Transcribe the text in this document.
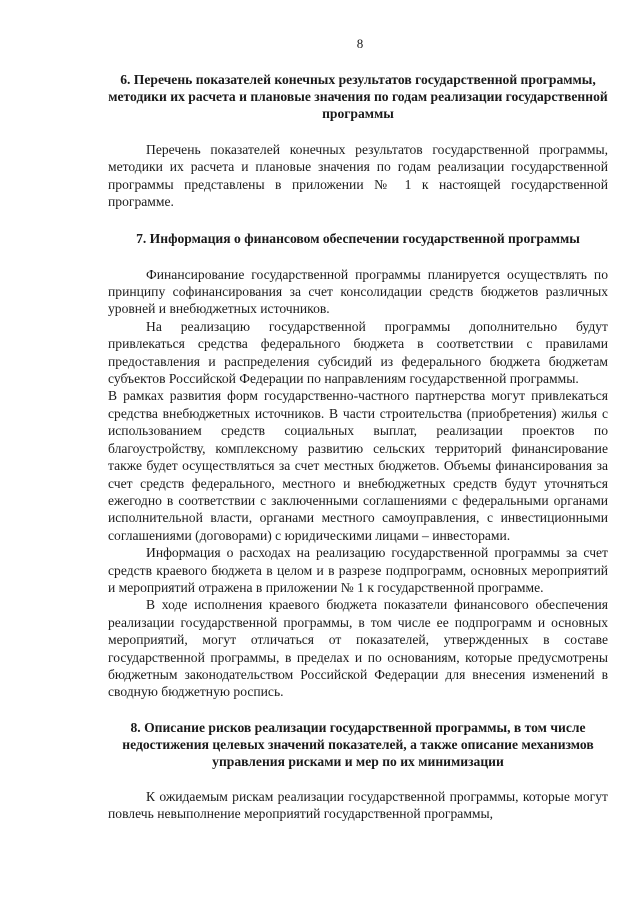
8
6. Перечень показателей конечных результатов государственной программы, методики их расчета и плановые значения по годам реализации государственной программы

Перечень показателей конечных результатов государственной программы, методики их расчета и плановые значения по годам реализации государственной программы представлены в приложении № 1 к настоящей государственной программе.

7. Информация о финансовом обеспечении государственной программы

Финансирование государственной программы планируется осуществлять по принципу софинансирования за счет консолидации средств бюджетов различных уровней и внебюджетных источников.

На реализацию государственной программы дополнительно будут привлекаться средства федерального бюджета в соответствии с правилами предоставления и распределения субсидий из федерального бюджета бюджетам субъектов Российской Федерации по направлениям государственной программы.

В рамках развития форм государственно-частного партнерства могут привлекаться средства внебюджетных источников. В части строительства (приобретения) жилья с использованием средств социальных выплат, реализации проектов по благоустройству, комплексному развитию сельских территорий финансирование также будет осуществляться за счет местных бюджетов. Объемы финансирования за счет средств федерального, местного и внебюджетных средств будут уточняться ежегодно в соответствии с заключенными соглашениями с федеральными органами исполнительной власти, органами местного самоуправления, с инвестиционными соглашениями (договорами) с юридическими лицами – инвесторами.

Информация о расходах на реализацию государственной программы за счет средств краевого бюджета в целом и в разрезе подпрограмм, основных мероприятий и мероприятий отражена в приложении № 1 к государственной программе.

В ходе исполнения краевого бюджета показатели финансового обеспечения реализации государственной программы, в том числе ее подпрограмм и основных мероприятий, могут отличаться от показателей, утвержденных в составе государственной программы, в пределах и по основаниям, которые предусмотрены бюджетным законодательством Российской Федерации для внесения изменений в сводную бюджетную роспись.

8. Описание рисков реализации государственной программы, в том числе недостижения целевых значений показателей, а также описание механизмов управления рисками и мер по их минимизации

К ожидаемым рискам реализации государственной программы, которые могут повлечь невыполнение мероприятий государственной программы,
